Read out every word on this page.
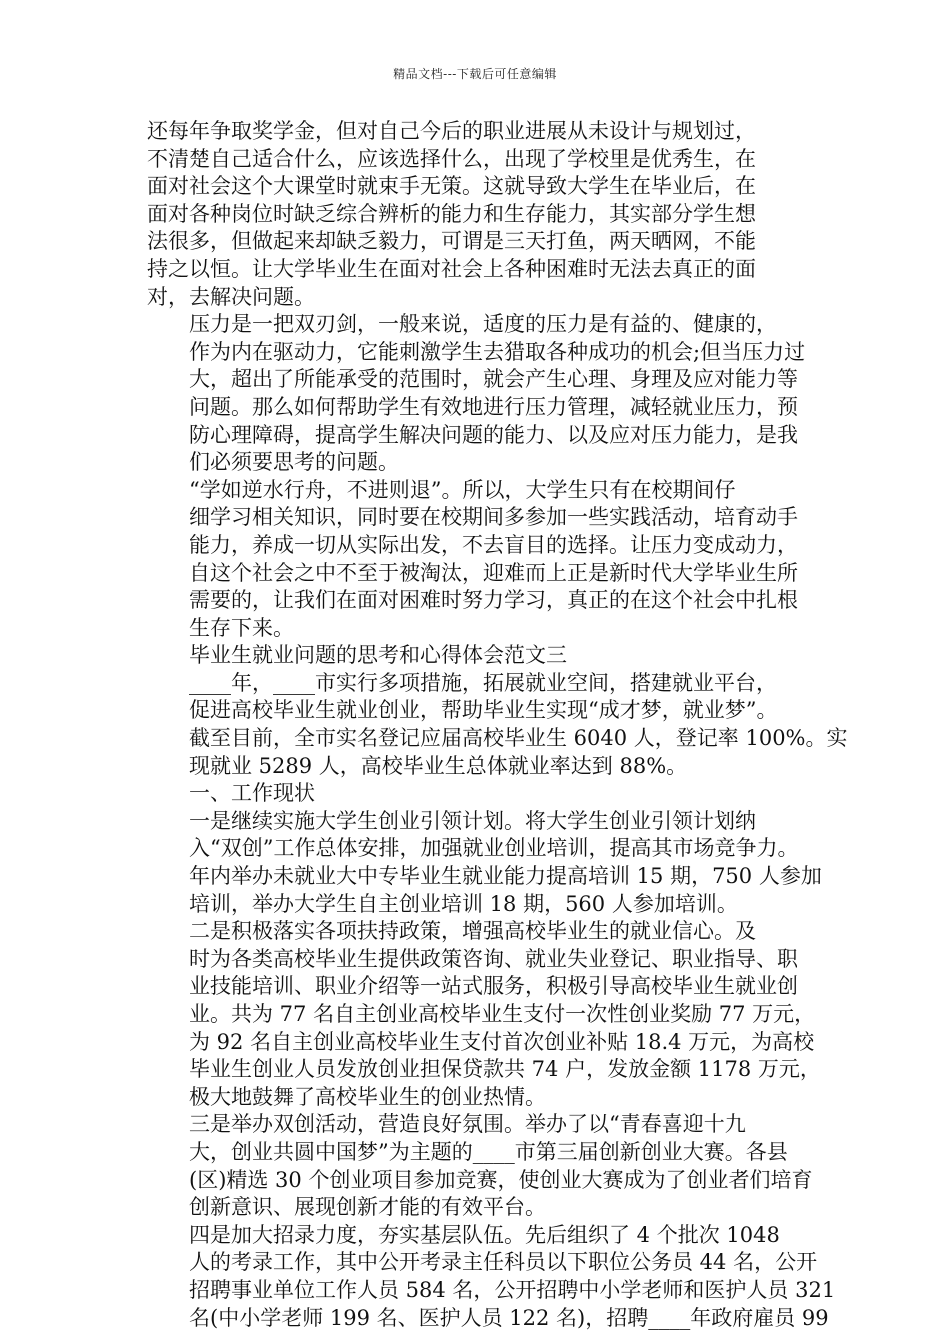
精品文档---下载后可任意编辑
还每年争取奖学金，但对自己今后的职业进展从未设计与规划过，
不清楚自己适合什么，应该选择什么，出现了学校里是优秀生，在
面对社会这个大课堂时就束手无策。这就导致大学生在毕业后，在
面对各种岗位时缺乏综合辨析的能力和生存能力，其实部分学生想
法很多，但做起来却缺乏毅力，可谓是三天打鱼，两天晒网，不能
持之以恒。让大学毕业生在面对社会上各种困难时无法去真正的面
对，去解决问题。
压力是一把双刃剑，一般来说，适度的压力是有益的、健康的，
作为内在驱动力，它能刺激学生去猎取各种成功的机会;但当压力过
大，超出了所能承受的范围时，就会产生心理、身理及应对能力等
问题。那么如何帮助学生有效地进行压力管理，减轻就业压力，预
防心理障碍，提高学生解决问题的能力、以及应对压力能力，是我
们必须要思考的问题。
“学如逆水行舟，不进则退”。所以，大学生只有在校期间仔
细学习相关知识，同时要在校期间多参加一些实践活动，培育动手
能力，养成一切从实际出发，不去盲目的选择。让压力变成动力，
自这个社会之中不至于被淘汰，迎难而上正是新时代大学毕业生所
需要的，让我们在面对困难时努力学习，真正的在这个社会中扎根
生存下来。
毕业生就业问题的思考和心得体会范文三
____年，____市实行多项措施，拓展就业空间，搭建就业平台，
促进高校毕业生就业创业，帮助毕业生实现“成才梦，就业梦”。
截至目前，全市实名登记应届高校毕业生 6040 人，登记率 100%。实
现就业 5289 人，高校毕业生总体就业率达到 88%。
一、工作现状
一是继续实施大学生创业引领计划。将大学生创业引领计划纳
入“双创”工作总体安排，加强就业创业培训，提高其市场竞争力。
年内举办未就业大中专毕业生就业能力提高培训 15 期，750 人参加
培训，举办大学生自主创业培训 18 期，560 人参加培训。
二是积极落实各项扶持政策，增强高校毕业生的就业信心。及
时为各类高校毕业生提供政策咨询、就业失业登记、职业指导、职
业技能培训、职业介绍等一站式服务，积极引导高校毕业生就业创
业。共为 77 名自主创业高校毕业生支付一次性创业奖励 77 万元，
为 92 名自主创业高校毕业生支付首次创业补贴 18.4 万元，为高校
毕业生创业人员发放创业担保贷款共 74 户，发放金额 1178 万元，
极大地鼓舞了高校毕业生的创业热情。
三是举办双创活动，营造良好氛围。举办了以“青春喜迎十九
大，创业共圆中国梦”为主题的____市第三届创新创业大赛。各县
(区)精选 30 个创业项目参加竞赛，使创业大赛成为了创业者们培育
创新意识、展现创新才能的有效平台。
四是加大招录力度，夯实基层队伍。先后组织了 4 个批次 1048
人的考录工作，其中公开考录主任科员以下职位公务员 44 名，公开
招聘事业单位工作人员 584 名，公开招聘中小学老师和医护人员 321
名(中小学老师 199 名、医护人员 122 名)，招聘____年政府雇员 99
